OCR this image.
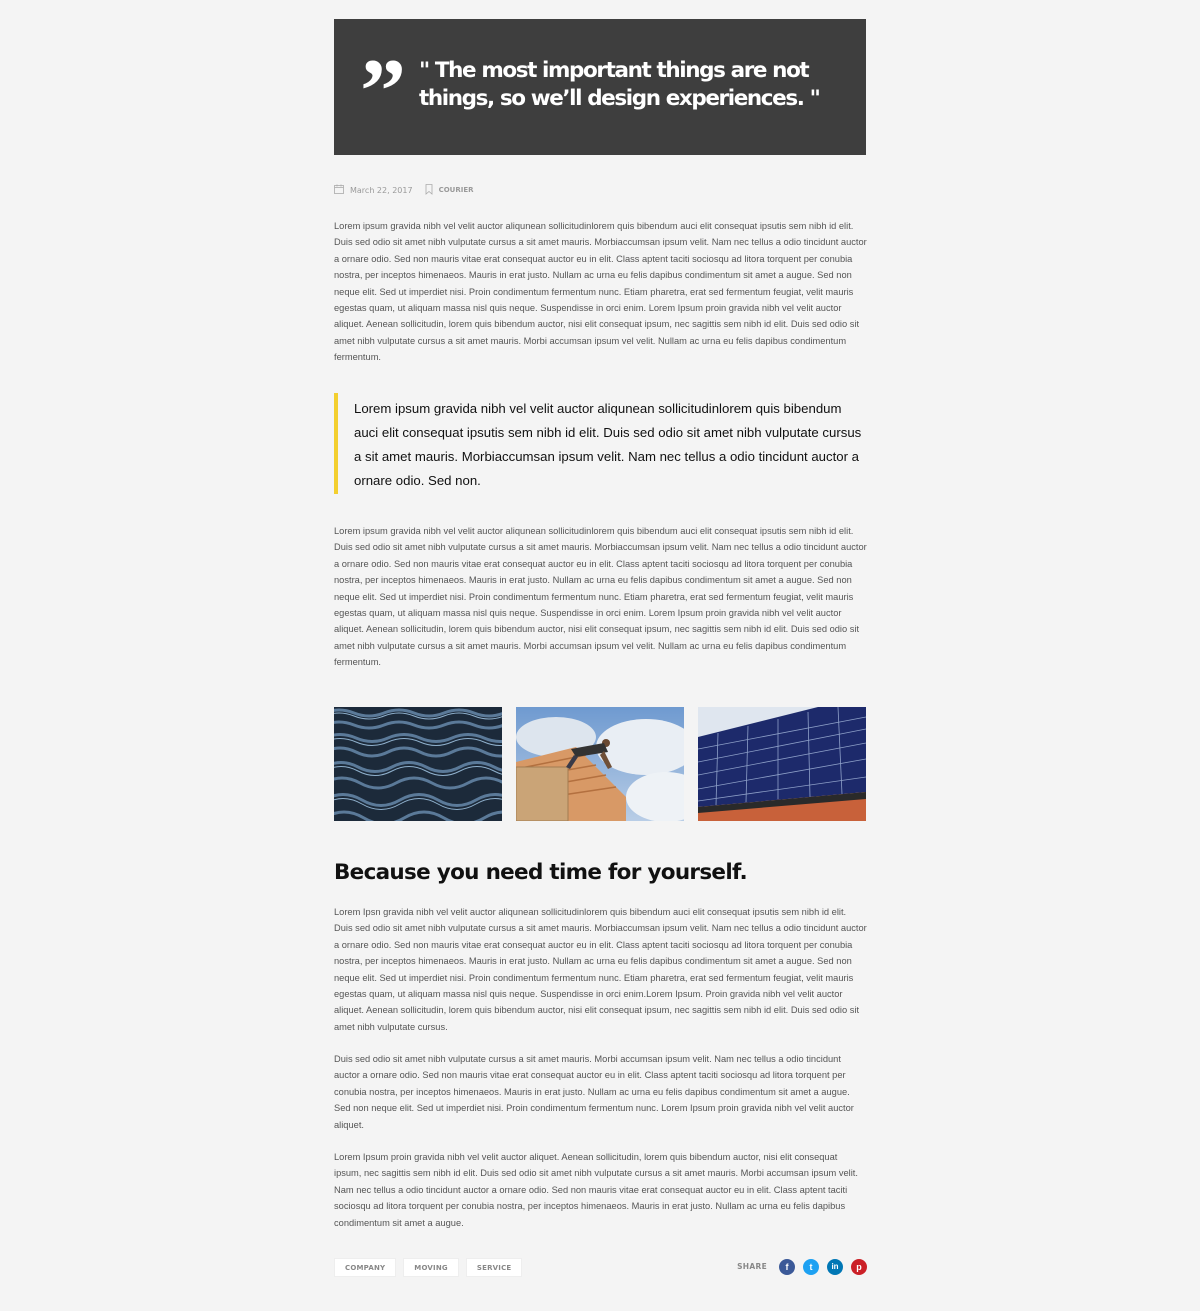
” " The most important things are not things, so we’ll design experiences. "
March 22, 2017	COURIER

Lorem ipsum gravida nibh vel velit auctor aliqunean sollicitudinlorem quis bibendum auci elit consequat ipsutis sem nibh id elit. Duis sed odio sit amet nibh vulputate cursus a sit amet mauris. Morbiaccumsan ipsum velit. Nam nec tellus a odio tincidunt auctor a ornare odio. Sed non mauris vitae erat consequat auctor eu in elit. Class aptent taciti sociosqu ad litora torquent per conubia nostra, per inceptos himenaeos. Mauris in erat justo. Nullam ac urna eu felis dapibus condimentum sit amet a augue. Sed non neque elit. Sed ut imperdiet nisi. Proin condimentum fermentum nunc. Etiam pharetra, erat sed fermentum feugiat, velit mauris egestas quam, ut aliquam massa nisl quis neque. Suspendisse in orci enim. Lorem Ipsum proin gravida nibh vel velit auctor aliquet. Aenean sollicitudin, lorem quis bibendum auctor, nisi elit consequat ipsum, nec sagittis sem nibh id elit. Duis sed odio sit amet nibh vulputate cursus a sit amet mauris. Morbi accumsan ipsum vel velit. Nullam ac urna eu felis dapibus condimentum fermentum.

Lorem ipsum gravida nibh vel velit auctor aliqunean sollicitudinlorem quis bibendum auci elit consequat ipsutis sem nibh id elit. Duis sed odio sit amet nibh vulputate cursus a sit amet mauris. Morbiaccumsan ipsum velit. Nam nec tellus a odio tincidunt auctor a ornare odio. Sed non.

Lorem ipsum gravida nibh vel velit auctor aliqunean sollicitudinlorem quis bibendum auci elit consequat ipsutis sem nibh id elit. Duis sed odio sit amet nibh vulputate cursus a sit amet mauris. Morbiaccumsan ipsum velit. Nam nec tellus a odio tincidunt auctor a ornare odio. Sed non mauris vitae erat consequat auctor eu in elit. Class aptent taciti sociosqu ad litora torquent per conubia nostra, per inceptos himenaeos. Mauris in erat justo. Nullam ac urna eu felis dapibus condimentum sit amet a augue. Sed non neque elit. Sed ut imperdiet nisi. Proin condimentum fermentum nunc. Etiam pharetra, erat sed fermentum feugiat, velit mauris egestas quam, ut aliquam massa nisl quis neque. Suspendisse in orci enim. Lorem Ipsum proin gravida nibh vel velit auctor aliquet. Aenean sollicitudin, lorem quis bibendum auctor, nisi elit consequat ipsum, nec sagittis sem nibh id elit. Duis sed odio sit amet nibh vulputate cursus a sit amet mauris. Morbi accumsan ipsum vel velit. Nullam ac urna eu felis dapibus condimentum fermentum.

Because you need time for yourself.

Lorem Ipsn gravida nibh vel velit auctor aliqunean sollicitudinlorem quis bibendum auci elit consequat ipsutis sem nibh id elit. Duis sed odio sit amet nibh vulputate cursus a sit amet mauris. Morbiaccumsan ipsum velit. Nam nec tellus a odio tincidunt auctor a ornare odio. Sed non mauris vitae erat consequat auctor eu in elit. Class aptent taciti sociosqu ad litora torquent per conubia nostra, per inceptos himenaeos. Mauris in erat justo. Nullam ac urna eu felis dapibus condimentum sit amet a augue. Sed non neque elit. Sed ut imperdiet nisi. Proin condimentum fermentum nunc. Etiam pharetra, erat sed fermentum feugiat, velit mauris egestas quam, ut aliquam massa nisl quis neque. Suspendisse in orci enim.Lorem Ipsum. Proin gravida nibh vel velit auctor aliquet. Aenean sollicitudin, lorem quis bibendum auctor, nisi elit consequat ipsum, nec sagittis sem nibh id elit. Duis sed odio sit amet nibh vulputate cursus.

Duis sed odio sit amet nibh vulputate cursus a sit amet mauris. Morbi accumsan ipsum velit. Nam nec tellus a odio tincidunt auctor a ornare odio. Sed non mauris vitae erat consequat auctor eu in elit. Class aptent taciti sociosqu ad litora torquent per conubia nostra, per inceptos himenaeos. Mauris in erat justo. Nullam ac urna eu felis dapibus condimentum sit amet a augue. Sed non neque elit. Sed ut imperdiet nisi. Proin condimentum fermentum nunc. Lorem Ipsum proin gravida nibh vel velit auctor aliquet.

Lorem Ipsum proin gravida nibh vel velit auctor aliquet. Aenean sollicitudin, lorem quis bibendum auctor, nisi elit consequat ipsum, nec sagittis sem nibh id elit. Duis sed odio sit amet nibh vulputate cursus a sit amet mauris. Morbi accumsan ipsum velit. Nam nec tellus a odio tincidunt auctor a ornare odio. Sed non mauris vitae erat consequat auctor eu in elit. Class aptent taciti sociosqu ad litora torquent per conubia nostra, per inceptos himenaeos. Mauris in erat justo. Nullam ac urna eu felis dapibus condimentum sit amet a augue.

COMPANY	MOVING	SERVICE	SHARE	f	t	in	p
